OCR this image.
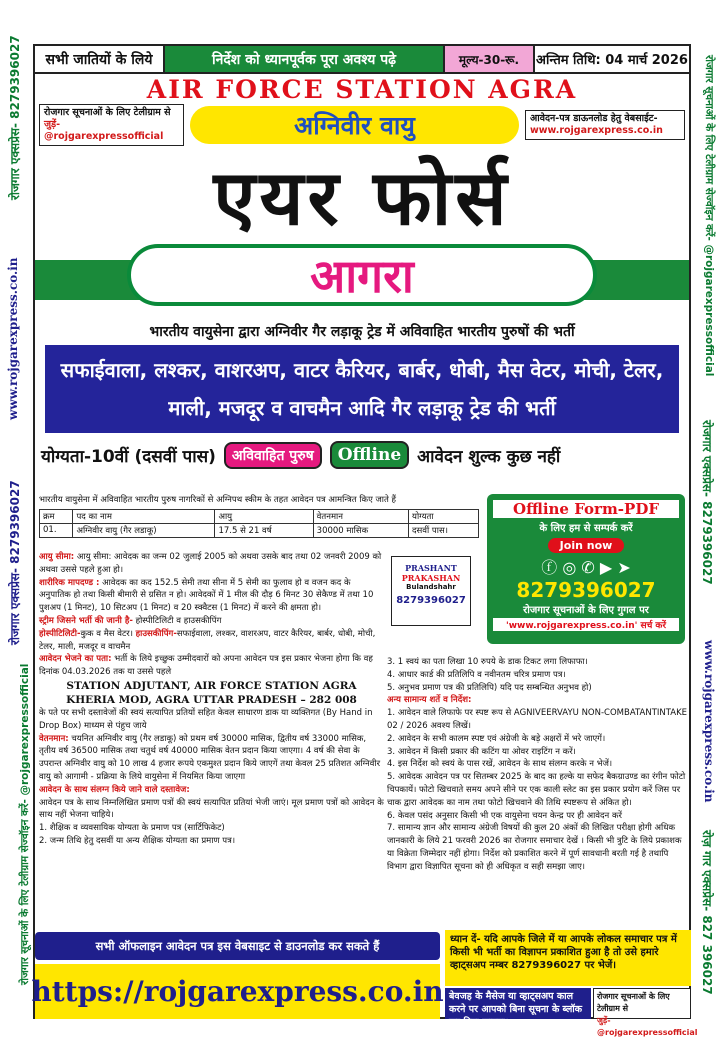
रोजगार एक्सप्रेस- 8279396027
www.rojgarexpress.co.in
रोजगार एक्सप्रेस- 8279396027
रोजगार सूचनाओं के लिए टेलीग्राम सेज्वॉइन करें- @rojgarexpressofficial
रोजगार सूचनाओं के लिए टेलीग्राम सेज्वॉइन करें- @rojgarexpressofficial
रोजगार एक्सप्रेस- 8279396027
www.rojgarexpress.co.in
रोज़ गार एक्सप्रेस- 827 396027
सभी जातियों के लिये	निर्देश को ध्यानपूर्वक पूरा अवश्य पढ़े	मूल्य-30-रू.	अन्तिम तिथि: 04 मार्च 2026
AIR FORCE STATION AGRA
रोजगार सूचनाओं के लिए टेलीग्राम से
जुड़ें- @rojgarexpressofficial	अग्निवीर वायु	आवेदन-पत्र डाऊनलोड हेतु वेबसाईट-
www.rojgarexpress.co.in
एयर फोर्स
आगरा
भारतीय वायुसेना द्वारा अग्निवीर गैर लड़ाकू ट्रेड में अविवाहित भारतीय पुरुषों की भर्ती
सफाईवाला, लश्कर, वाशरअप, वाटर कैरियर, बार्बर, धोबी, मैस वेटर, मोची, टेलर, माली, मजदूर व वाचमैन आदि गैर लड़ाकू ट्रेड की भर्ती
योग्यता-10वीं (दसवीं पास)	अविवाहित पुरुष	Offline आवेदन शुल्क कुछ नहीं
भारतीय वायुसेना में अविवाहित भारतीय पुरुष नागरिकों से अग्निपथ स्कीम के तहत आवेदन पत्र आमन्त्रित किए जाते हैं
क्रम	पद का नाम	आयु	वेतनमान	योग्यता
01.	अग्निवीर वायु (गैर लडाकू)	17.5 से 21 वर्ष	30000 मासिक	दसवीं पास।
Offline Form-PDF
के लिए हम से सम्पर्क करें
Join now
ⓕ ◎ ✆ ▶ ➤
8279396027
रोजगार सूचनाओं के लिए गुगल पर
'www.rojgarexpress.co.in' सर्च करें
आयु सीमा: आयु सीमा: आवेदक का जन्म 02 जुलाई 2005 को अथवा उसके बाद तथा 02 जनवरी 2009 को अथवा उससे पहले हुआ हो।
शारीरिक मापदण्ड : आवेदक का कद 152.5 सेमी तथा सीना में 5 सेमी का फुलाव हो व वजन कद के अनुपातिक हो तथा किसी बीमारी से ग्रसित न हो। आवेदकों में 1 मील की दौड़ 6 मिनट 30 सेकैण्ड में तथा 10 पुशअप (1 मिनट), 10 सिटअप (1 मिनट) व 20 स्क्वैटस (1 मिनट) में करने की क्षमता हो।
स्ट्रीम जिसने भर्ती की जानी है- होस्पीटिलिटी व हाउसकीपिंग
होस्पीटिलिटी-कुक व मैस वेटर। हाउसकीपिंग-सफाईवाला, लश्कर, वाशरअप, वाटर कैरियर, बार्बर, धोबी, मोची, टेलर, माली, मजदूर व वाचमैन
आवेदन भेजने का पता: भर्ती के लिये इच्छुक उम्मीदवारों को अपना आवेदन पत्र इस प्रकार भेजना होगा कि वह दिनांक 04.03.2026 तक या उससे पहले
STATION ADJUTANT, AIR FORCE STATION AGRA
KHERIA MOD, AGRA UTTAR PRADESH – 282 008
के पते पर सभी दस्तावेजों की स्वयं सत्यापित प्रतियों सहित केवल साधारण डाक या व्यक्तिगत (By Hand in Drop Box) माध्यम से पंहुच जाये
वेतनमान: चयनित अग्निवीर वायु (गैर लडाकू) को प्रथम वर्ष 30000 मासिक, द्वितीय वर्ष 33000 मासिक, तृतीय वर्ष 36500 मासिक तथा चतुर्थ वर्ष 40000 मासिक वेतन प्रदान किया जाएगा। 4 वर्ष की सेवा के उपरान्त अग्निवीर वायु को 10 लाख 4 हजार रूपये एकमुश्त प्रदान किये जाएगें तथा केवल 25 प्रतिशत अग्निवीर वायु को आगामी - प्रक्रिया के लिये वायुसेना में नियमित किया जाएगा
आवेदन के साथ संलग्न किये जाने वाले दस्तावेज:
आवेदन पत्र के साथ निम्नलिखित प्रमाण पत्रों की स्वयं सत्यापित प्रतियां भेजी जाएं। मूल प्रमाण पत्रों को आवेदन के साथ नहीं भेजना चाहिये।
1. शैक्षिक व व्यवसायिक योग्यता के प्रमाण पत्र (सार्टिफिकेट)
2. जन्म तिथि हेतु दसवीं या अन्य शैक्षिक योग्यता का प्रमाण पत्र।
PRASHANT
PRAKASHAN
Bulandshahr
8279396027
3. 1 स्वयं का पता लिखा 10 रुपये के डाक टिकट लगा लिफाफा।
4. आधार कार्ड की प्रतिलिपि व नवीनतम चरित्र प्रमाण पत्र।
5. अनुभव प्रमाण पत्र की प्रतिलिपि) यदि पद सम्बन्धित अनुभव हो)
अन्य सामान्य शर्ते व निर्देश:
1. आवेदन वाले लिफाफे पर स्पष्ट रूप से AGNIVEERVAYU NON-COMBATANTINTAKE 02 / 2026 अवश्य लिखें।
2. आवेदन के सभी कालम स्पष्ट एवं अंग्रेजी के बड़े अक्षरों में भरे जाएगें।
3. आवेदन में किसी प्रकार की कटिंग या ओवर राइटिंग न करें।
4. इस निर्देश को स्वयं के पास रखें, आवेदन के साथ संलग्न करके न भेजें।
5. आवेदक आवेदन पत्र पर सितम्बर 2025 के बाद का हल्के या सफेद बैकग्राउण्ड का रंगीन फोटो चिपकायें। फोटो खिचवाते समय अपने सीने पर एक काली स्लेट का इस प्रकार प्रयोग करें जिस पर चाक द्वारा आवेदक का नाम तथा फोटो खिचवाने की तिथि स्पष्टरूप से अंकित हो।
6. केवल पसंद अनुसार किसी भी एक वायुसेना चयन केन्द्र पर ही आवेदन करें
7. सामान्य ज्ञान और सामान्य अंग्रेजी विषयों की कुल 20 अंकों की लिखित परीक्षा होगी अधिक जानकारी के लिये 21 फरवरी 2026 का रोजगार समाचार देखें । किसी भी त्रुटि के लिये प्रकाशक या विक्रेता जिम्मेदार नहीं होगा। निर्देश को प्रकाशित करने में पूर्ण सावधानी बरती गई है तथापि विभाग द्वारा विज्ञापित सूचना को ही अधिकृत व सही समझा जाए।
सभी ऑफलाइन आवेदन पत्र इस वेबसाइट से डाउनलोड कर सकते हैं
https://rojgarexpress.co.in
ध्यान दें- यदि आपके जिले में या आपके लोकल समाचार पत्र में किसी भी भर्ती का विज्ञापन प्रकाशित हुआ है तो उसे हमारे व्हाट्सअप नम्बर 8279396027 पर भेजें।
बेवजह के मैसेज या व्हाट्सअप काल करने पर आपको बिना सूचना के ब्लॉक कर दिया जाएगा।
रोजगार सूचनाओं के लिए टेलीग्राम से
जुड़ें- @rojgarexpressofficial
